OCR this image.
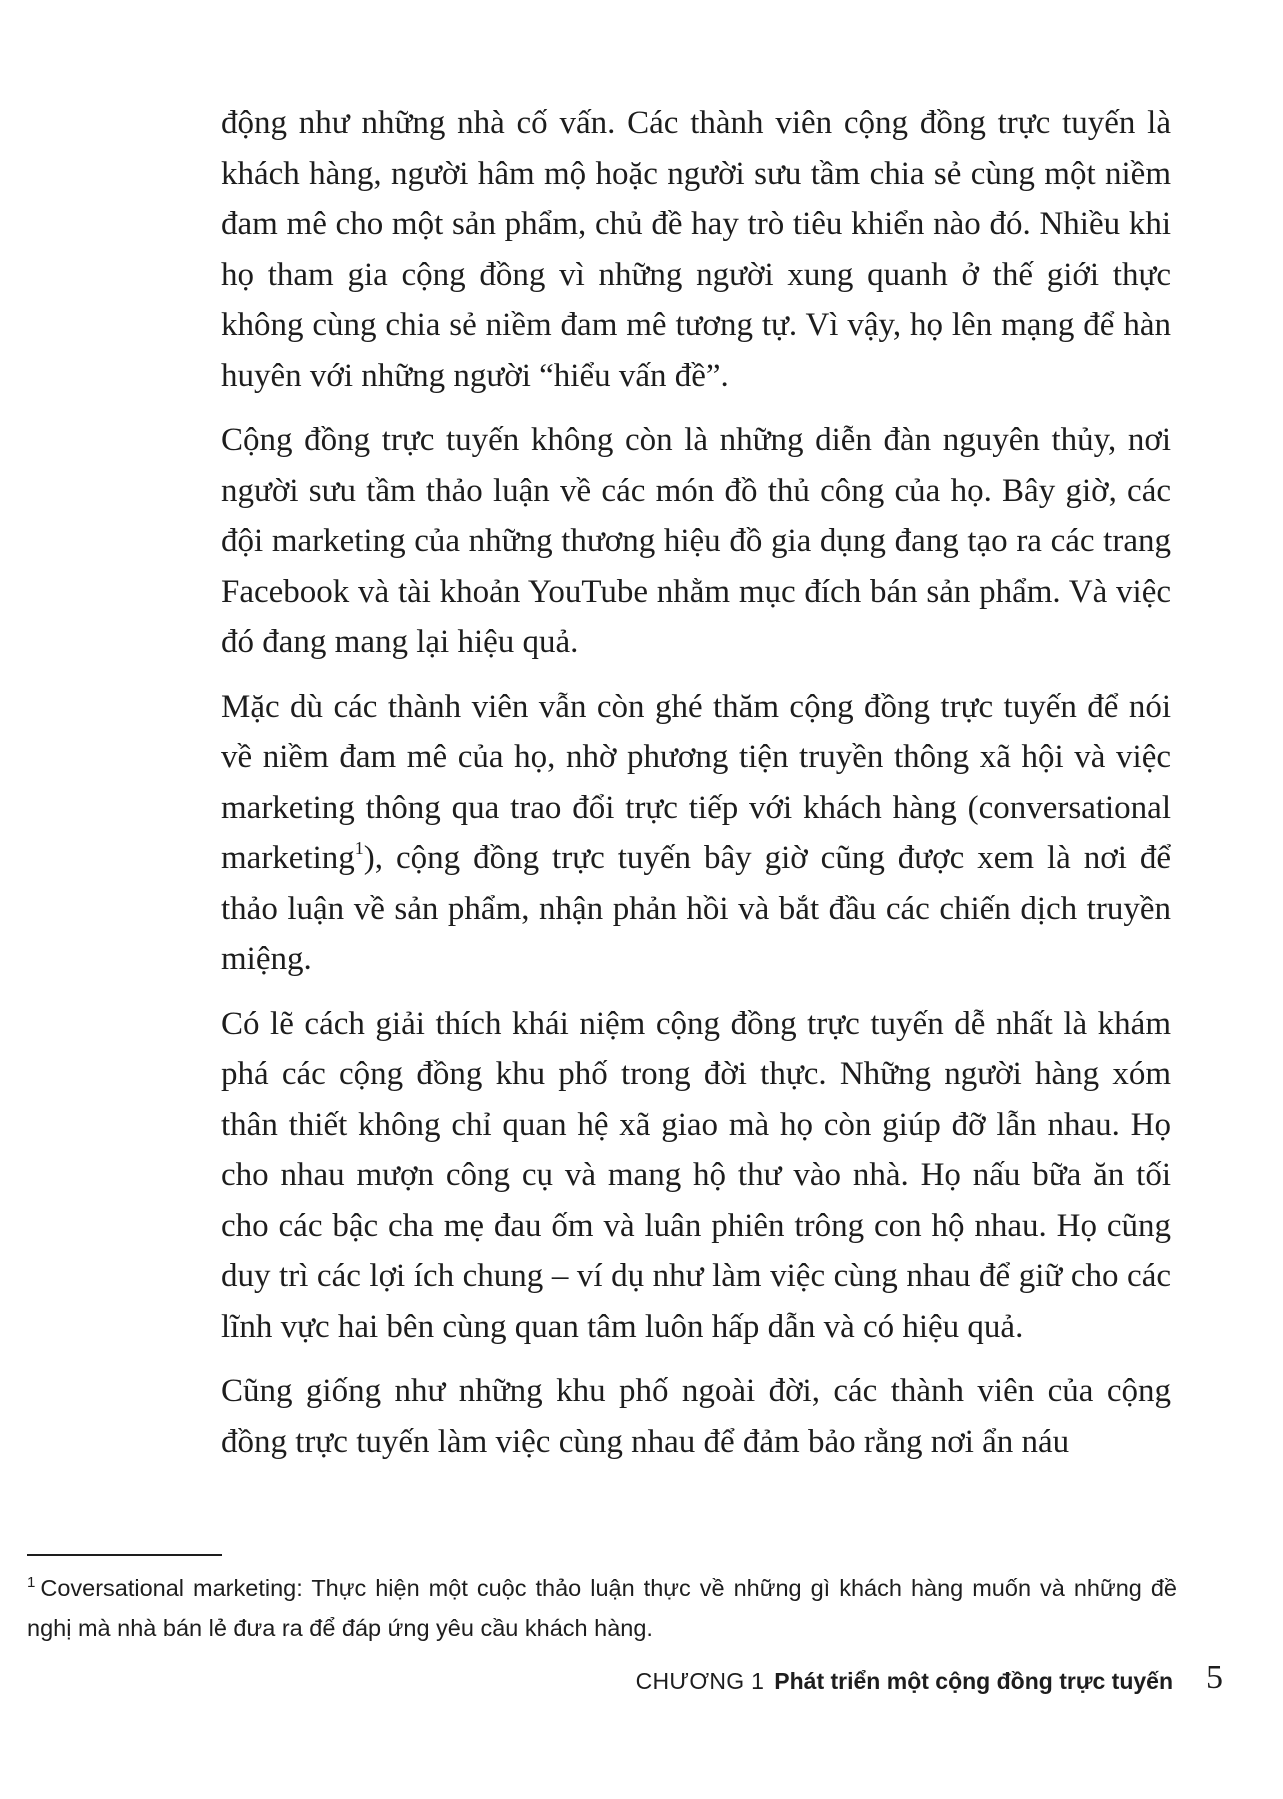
động như những nhà cố vấn. Các thành viên cộng đồng trực tuyến là khách hàng, người hâm mộ hoặc người sưu tầm chia sẻ cùng một niềm đam mê cho một sản phẩm, chủ đề hay trò tiêu khiển nào đó. Nhiều khi họ tham gia cộng đồng vì những người xung quanh ở thế giới thực không cùng chia sẻ niềm đam mê tương tự. Vì vậy, họ lên mạng để hàn huyên với những người “hiểu vấn đề”.

Cộng đồng trực tuyến không còn là những diễn đàn nguyên thủy, nơi người sưu tầm thảo luận về các món đồ thủ công của họ. Bây giờ, các đội marketing của những thương hiệu đồ gia dụng đang tạo ra các trang Facebook và tài khoản YouTube nhằm mục đích bán sản phẩm. Và việc đó đang mang lại hiệu quả.

Mặc dù các thành viên vẫn còn ghé thăm cộng đồng trực tuyến để nói về niềm đam mê của họ, nhờ phương tiện truyền thông xã hội và việc marketing thông qua trao đổi trực tiếp với khách hàng (conversational marketing$^1$), cộng đồng trực tuyến bây giờ cũng được xem là nơi để thảo luận về sản phẩm, nhận phản hồi và bắt đầu các chiến dịch truyền miệng.

Có lẽ cách giải thích khái niệm cộng đồng trực tuyến dễ nhất là khám phá các cộng đồng khu phố trong đời thực. Những người hàng xóm thân thiết không chỉ quan hệ xã giao mà họ còn giúp đỡ lẫn nhau. Họ cho nhau mượn công cụ và mang hộ thư vào nhà. Họ nấu bữa ăn tối cho các bậc cha mẹ đau ốm và luân phiên trông con hộ nhau. Họ cũng duy trì các lợi ích chung – ví dụ như làm việc cùng nhau để giữ cho các lĩnh vực hai bên cùng quan tâm luôn hấp dẫn và có hiệu quả.

Cũng giống như những khu phố ngoài đời, các thành viên của cộng đồng trực tuyến làm việc cùng nhau để đảm bảo rằng nơi ẩn náu

$^1$ Coversational marketing: Thực hiện một cuộc thảo luận thực về những gì khách hàng muốn và những đề nghị mà nhà bán lẻ đưa ra để đáp ứng yêu cầu khách hàng.
CHƯƠNG 1 Phát triển một cộng đồng trực tuyến 5
